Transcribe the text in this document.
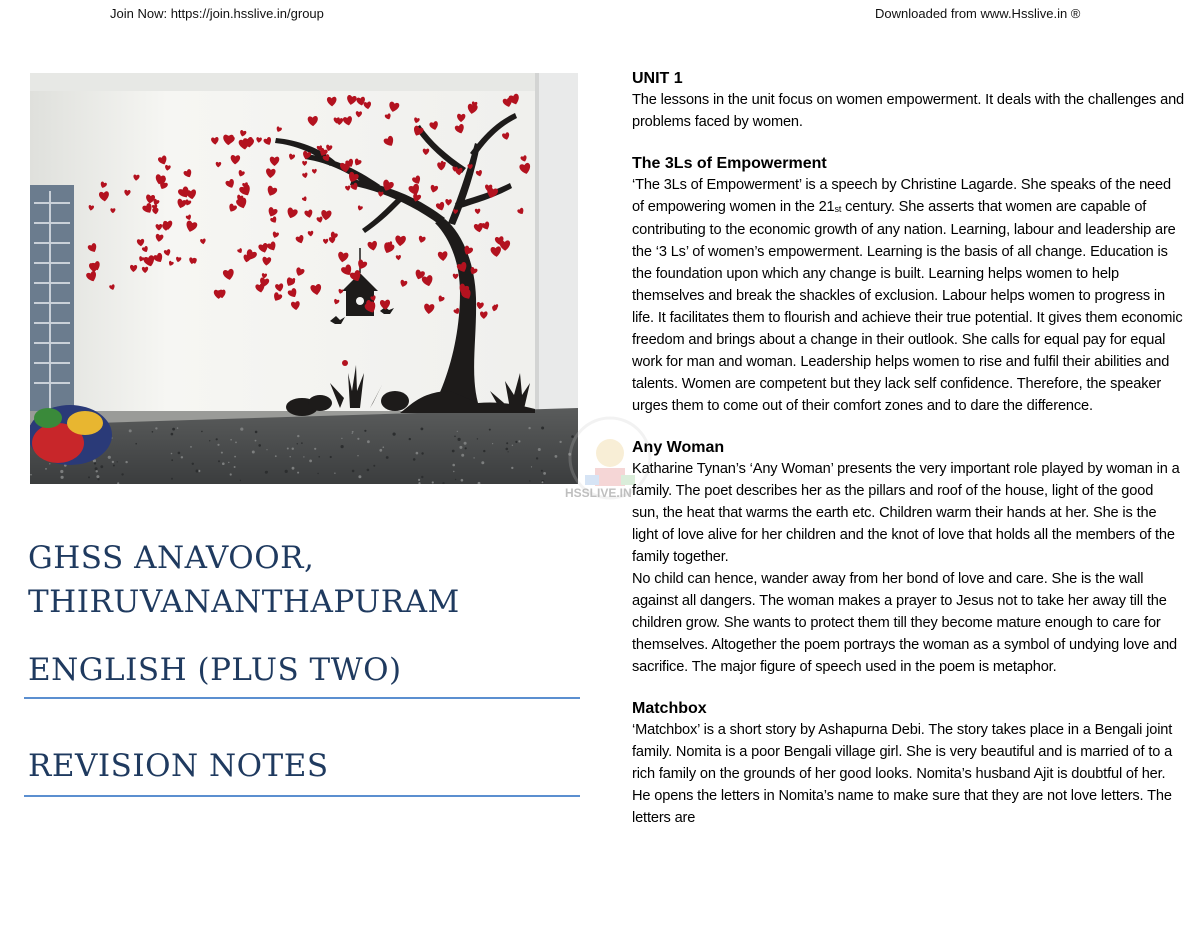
Join Now: https://join.hsslive.in/group	Downloaded from www.Hsslive.in ®
HSSLIVE.IN
GHSS ANAVOOR,
THIRUVANANTHAPURAM
ENGLISH (PLUS TWO)
REVISION NOTES
UNIT 1

The lessons in the unit focus on women empowerment. It deals with the challenges and problems faced by women.

The 3Ls of Empowerment

‘The 3Ls of Empowerment’ is a speech by Christine Lagarde. She speaks of the need of empowering women in the 21st century. She asserts that women are capable of contributing to the economic growth of any nation. Learning, labour and leadership are the ‘3 Ls’ of women’s empowerment. Learning is the basis of all change. Education is the foundation upon which any change is built. Learning helps women to help themselves and break the shackles of exclusion. Labour helps women to progress in life. It facilitates them to flourish and achieve their true potential. It gives them economic freedom and brings about a change in their outlook. She calls for equal pay for equal work for man and woman. Leadership helps women to rise and fulfil their abilities and talents. Women are competent but they lack self confidence. Therefore, the speaker urges them to come out of their comfort zones and to dare the difference.

Any Woman

Katharine Tynan’s ‘Any Woman’ presents the very important role played by woman in a family. The poet describes her as the pillars and roof of the house, light of the good sun, the heat that warms the earth etc. Children warm their hands at her. She is the light of love alive for her children and the knot of love that holds all the members of the family together.

No child can hence, wander away from her bond of love and care. She is the wall against all dangers. The woman makes a prayer to Jesus not to take her away till the children grow. She wants to protect them till they become mature enough to care for themselves. Altogether the poem portrays the woman as a symbol of undying love and sacrifice. The major figure of speech used in the poem is metaphor.

Matchbox

‘Matchbox’ is a short story by Ashapurna Debi. The story takes place in a Bengali joint family. Nomita is a poor Bengali village girl. She is very beautiful and is married of to a rich family on the grounds of her good looks. Nomita’s husband Ajit is doubtful of her. He opens the letters in Nomita’s name to make sure that they are not love letters. The letters are
